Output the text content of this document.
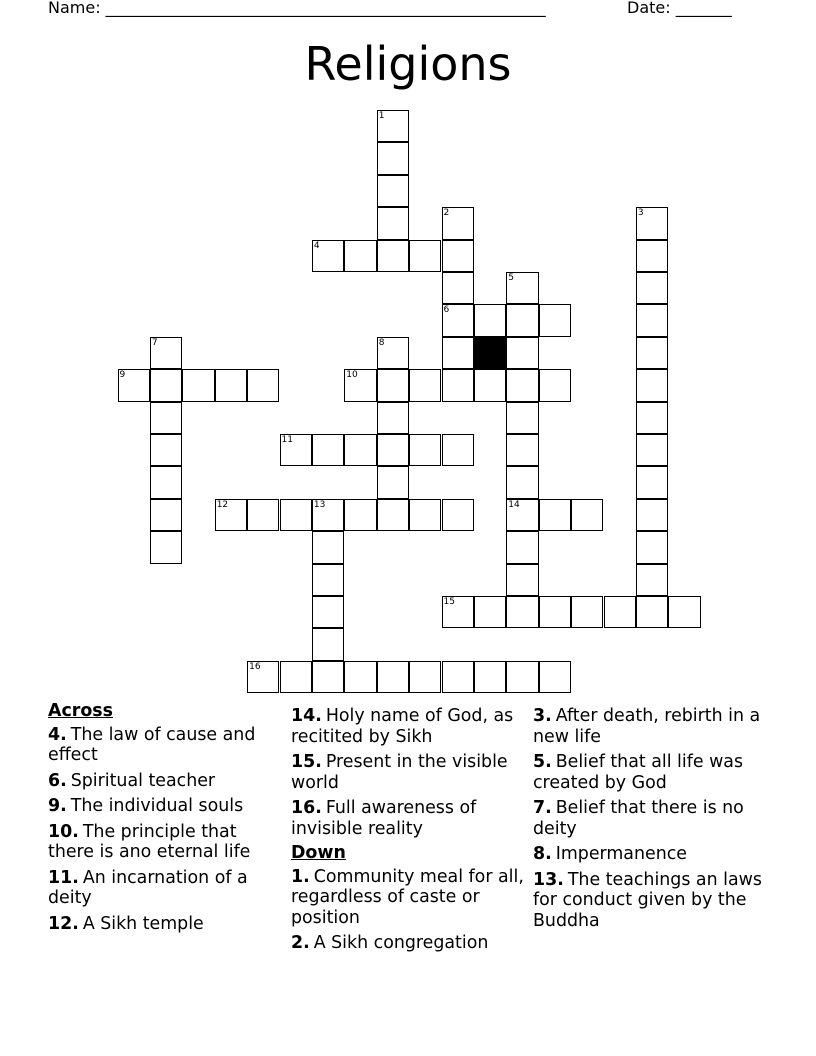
Name: _______________________________________________________	Date: _______
Religions
1
2	3
4
5
6
7	8
9	10
11
12	13	14
15
16
Across
4. The law of cause and effect
6. Spiritual teacher
9. The individual souls
10. The principle that there is ano eternal life
11. An incarnation of a deity
12. A Sikh temple
14. Holy name of God, as recitited by Sikh
15. Present in the visible world
16. Full awareness of invisible reality
Down
1. Community meal for all, regardless of caste or position
2. A Sikh congregation
3. After death, rebirth in a new life
5. Belief that all life was created by God
7. Belief that there is no deity
8. Impermanence
13. The teachings an laws for conduct given by the Buddha
